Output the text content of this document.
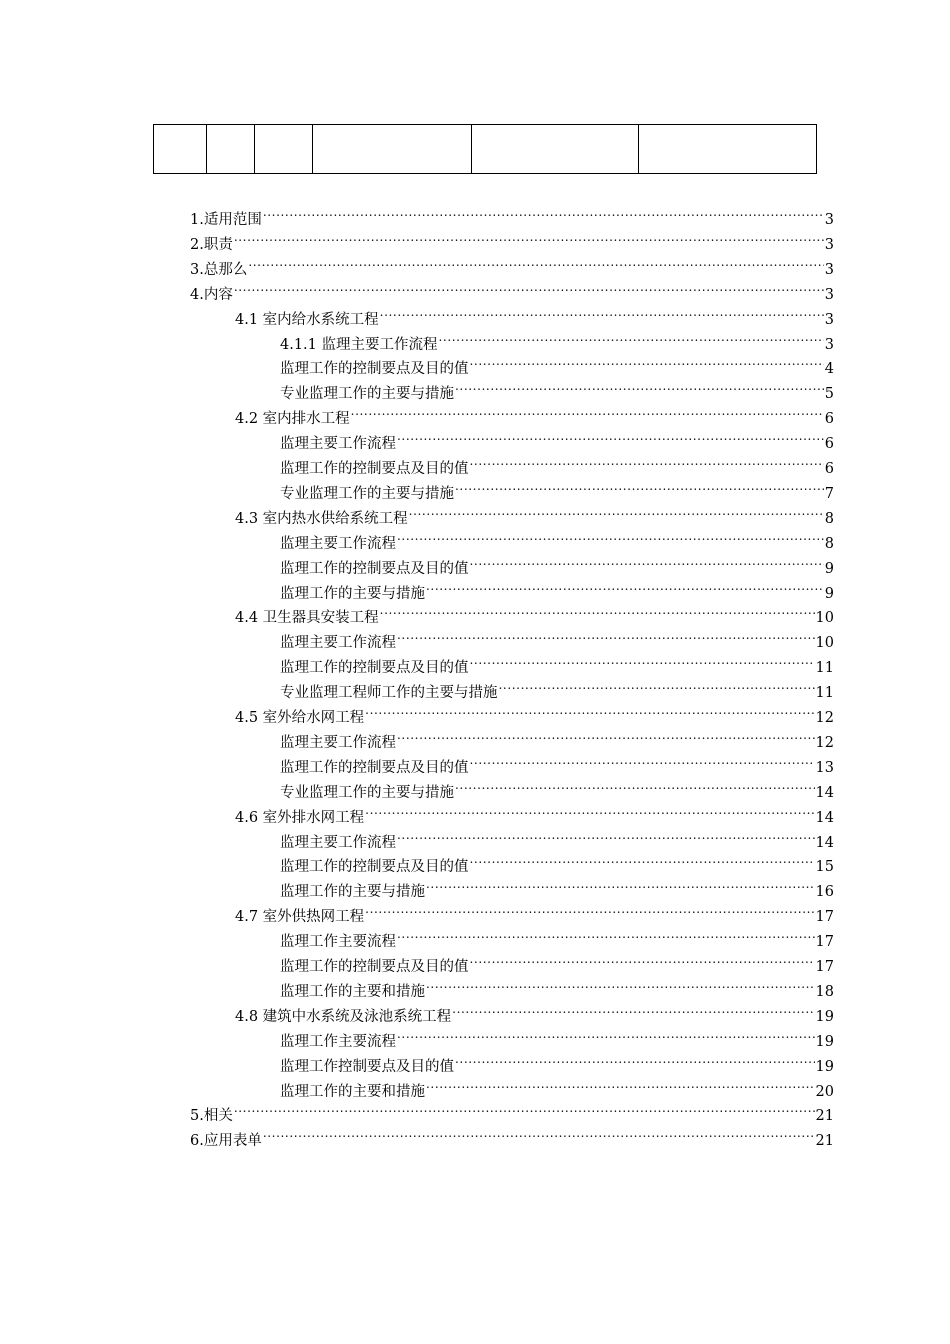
1.适用范围 .....	3
2.职责 .....	3
3.总那么 .....	3
4.内容 .....	3
4.1 室内给水系统工程 .....	3
4.1.1 监理主要工作流程 .....	3
监理工作的控制要点及目的值 .....	4
专业监理工作的主要与措施 .....	5
4.2 室内排水工程 .....	6
监理主要工作流程 .....	6
监理工作的控制要点及目的值 .....	6
专业监理工作的主要与措施 .....	7
4.3 室内热水供给系统工程 .....	8
监理主要工作流程 .....	8
监理工作的控制要点及目的值 .....	9
监理工作的主要与措施 .....	9
4.4 卫生器具安装工程 .....	10
监理主要工作流程 .....	10
监理工作的控制要点及目的值 .....	11
专业监理工程师工作的主要与措施 .....	11
4.5 室外给水网工程 .....	12
监理主要工作流程 .....	12
监理工作的控制要点及目的值 .....	13
专业监理工作的主要与措施 .....	14
4.6 室外排水网工程 .....	14
监理主要工作流程 .....	14
监理工作的控制要点及目的值 .....	15
监理工作的主要与措施 .....	16
4.7 室外供热网工程 .....	17
监理工作主要流程 .....	17
监理工作的控制要点及目的值 .....	17
监理工作的主要和措施 .....	18
4.8 建筑中水系统及泳池系统工程 .....	19
监理工作主要流程 .....	19
监理工作控制要点及目的值 .....	19
监理工作的主要和措施 .....	20
5.相关 .....	21
6.应用表单 .....	21
